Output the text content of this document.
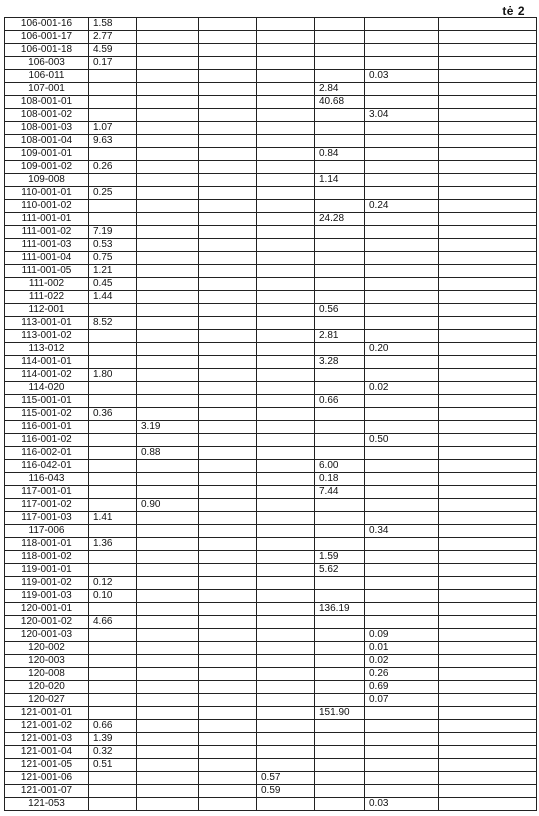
tė 2
106-001-16	1.58						
106-001-17	2.77						
106-001-18	4.59						
106-003	0.17						
106-011						0.03	
107-001					2.84		
108-001-01					40.68		
108-001-02						3.04	
108-001-03	1.07						
108-001-04	9.63						
109-001-01					0.84		
109-001-02	0.26						
109-008					1.14		
110-001-01	0.25						
110-001-02						0.24	
111-001-01					24.28		
111-001-02	7.19						
111-001-03	0.53						
111-001-04	0.75						
111-001-05	1.21						
111-002	0.45						
111-022	1.44						
112-001					0.56		
113-001-01	8.52						
113-001-02					2.81		
113-012						0.20	
114-001-01					3.28		
114-001-02	1.80						
114-020						0.02	
115-001-01					0.66		
115-001-02	0.36						
116-001-01		3.19					
116-001-02						0.50	
116-002-01		0.88					
116-042-01					6.00		
116-043					0.18		
117-001-01					7.44		
117-001-02		0.90					
117-001-03	1.41						
117-006						0.34	
118-001-01	1.36						
118-001-02					1.59		
119-001-01					5.62		
119-001-02	0.12						
119-001-03	0.10						
120-001-01					136.19		
120-001-02	4.66						
120-001-03						0.09	
120-002						0.01	
120-003						0.02	
120-008						0.26	
120-020						0.69	
120-027						0.07	
121-001-01					151.90		
121-001-02	0.66						
121-001-03	1.39						
121-001-04	0.32						
121-001-05	0.51						
121-001-06				0.57			
121-001-07				0.59			
121-053						0.03	
